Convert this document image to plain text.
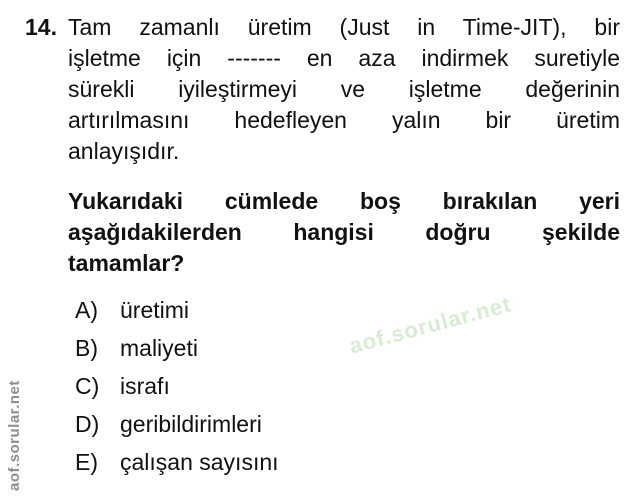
14. Tam zamanlı üretim (Just in Time-JIT), bir
işletme için ------- en aza indirmek suretiyle
sürekli iyileştirmeyi ve işletme değerinin
artırılmasını hedefleyen yalın bir üretim
anlayışıdır.
Yukarıdaki cümlede boş bırakılan yeri
aşağıdakilerden hangisi doğru şekilde
tamamlar?
A) üretimi
B) maliyeti
C) israfı
D) geribildirimleri
E) çalışan sayısını
aof.sorular.net
aof.sorular.net
